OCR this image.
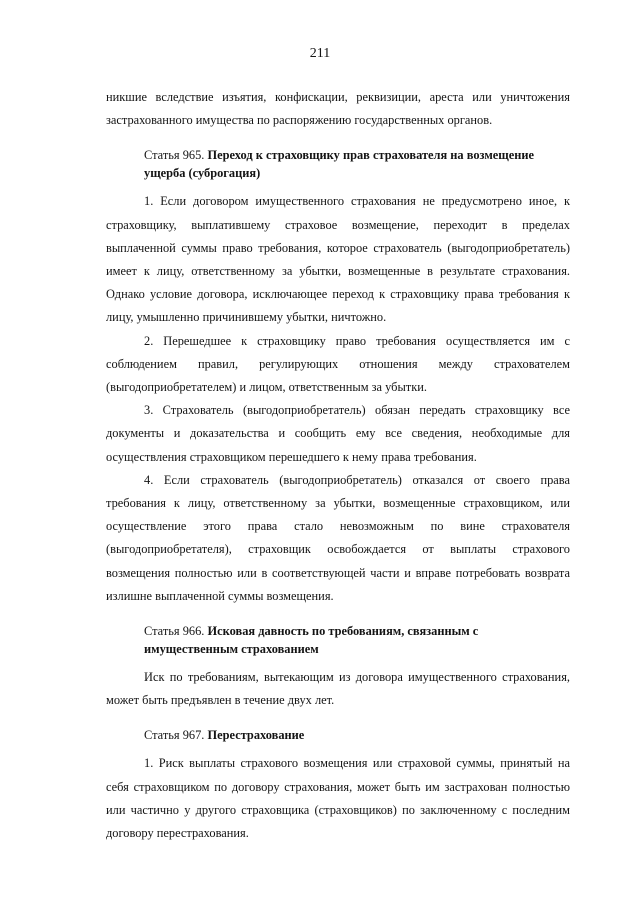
211

никшие вследствие изъятия, конфискации, реквизиции, ареста или уничтожения застрахованного имущества по распоряжению государственных органов.

Статья 965. Переход к страховщику прав страхователя на возмещение ущерба (суброгация)

1. Если договором имущественного страхования не предусмотрено иное, к страховщику, выплатившему страховое возмещение, переходит в пределах выплаченной суммы право требования, которое страхователь (выгодоприобретатель) имеет к лицу, ответственному за убытки, возмещенные в результате страхования. Однако условие договора, исключающее переход к страховщику права требования к лицу, умышленно причинившему убытки, ничтожно.

2. Перешедшее к страховщику право требования осуществляется им с соблюдением правил, регулирующих отношения между страхователем (выгодоприобретателем) и лицом, ответственным за убытки.

3. Страхователь (выгодоприобретатель) обязан передать страховщику все документы и доказательства и сообщить ему все сведения, необходимые для осуществления страховщиком перешедшего к нему права требования.

4. Если страхователь (выгодоприобретатель) отказался от своего права требования к лицу, ответственному за убытки, возмещенные страховщиком, или осуществление этого права стало невозможным по вине страхователя (выгодоприобретателя), страховщик освобождается от выплаты страхового возмещения полностью или в соответствующей части и вправе потребовать возврата излишне выплаченной суммы возмещения.

Статья 966. Исковая давность по требованиям, связанным с имущественным страхованием

Иск по требованиям, вытекающим из договора имущественного страхования, может быть предъявлен в течение двух лет.

Статья 967. Перестрахование

1. Риск выплаты страхового возмещения или страховой суммы, принятый на себя страховщиком по договору страхования, может быть им застрахован полностью или частично у другого страховщика (страховщиков) по заключенному с последним договору перестрахования.
